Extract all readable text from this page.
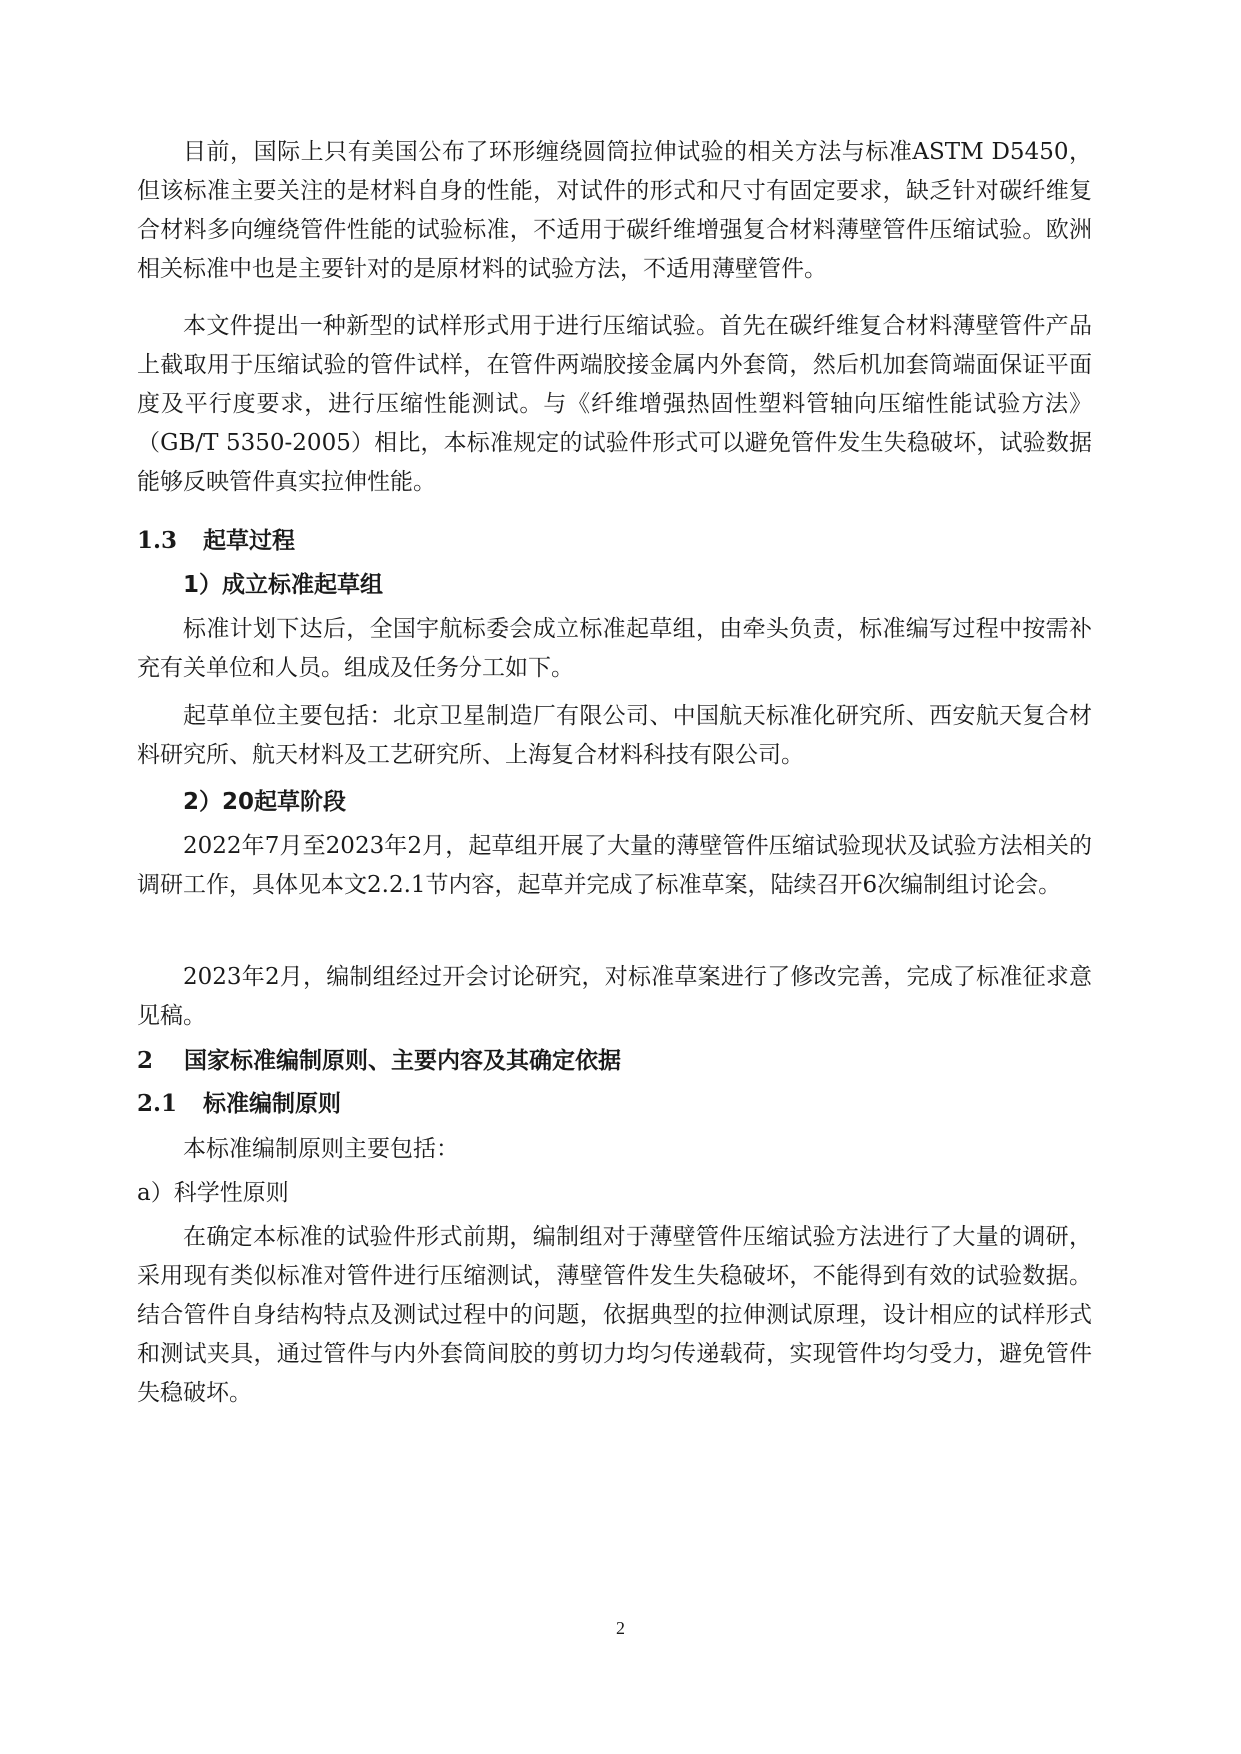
目前，国际上只有美国公布了环形缠绕圆筒拉伸试验的相关方法与标准ASTM D5450，但该标准主要关注的是材料自身的性能，对试件的形式和尺寸有固定要求，缺乏针对碳纤维复合材料多向缠绕管件性能的试验标准，不适用于碳纤维增强复合材料薄壁管件压缩试验。欧洲相关标准中也是主要针对的是原材料的试验方法，不适用薄壁管件。

本文件提出一种新型的试样形式用于进行压缩试验。首先在碳纤维复合材料薄壁管件产品上截取用于压缩试验的管件试样，在管件两端胶接金属内外套筒，然后机加套筒端面保证平面度及平行度要求，进行压缩性能测试。与《纤维增强热固性塑料管轴向压缩性能试验方法》（GB/T 5350-2005）相比，本标准规定的试验件形式可以避免管件发生失稳破坏，试验数据能够反映管件真实拉伸性能。

1.3 起草过程
1）成立标准起草组

标准计划下达后，全国宇航标委会成立标准起草组，由牵头负责，标准编写过程中按需补充有关单位和人员。组成及任务分工如下。

起草单位主要包括：北京卫星制造厂有限公司、中国航天标准化研究所、西安航天复合材料研究所、航天材料及工艺研究所、上海复合材料科技有限公司。

2）20起草阶段

2022年7月至2023年2月，起草组开展了大量的薄壁管件压缩试验现状及试验方法相关的调研工作，具体见本文2.2.1节内容，起草并完成了标准草案，陆续召开6次编制组讨论会。

2023年2月，编制组经过开会讨论研究，对标准草案进行了修改完善，完成了标准征求意见稿。

2 国家标准编制原则、主要内容及其确定依据
2.1 标准编制原则

本标准编制原则主要包括：

a）科学性原则

在确定本标准的试验件形式前期，编制组对于薄壁管件压缩试验方法进行了大量的调研，采用现有类似标准对管件进行压缩测试，薄壁管件发生失稳破坏，不能得到有效的试验数据。结合管件自身结构特点及测试过程中的问题，依据典型的拉伸测试原理，设计相应的试样形式和测试夹具，通过管件与内外套筒间胶的剪切力均匀传递载荷，实现管件均匀受力，避免管件失稳破坏。

2
